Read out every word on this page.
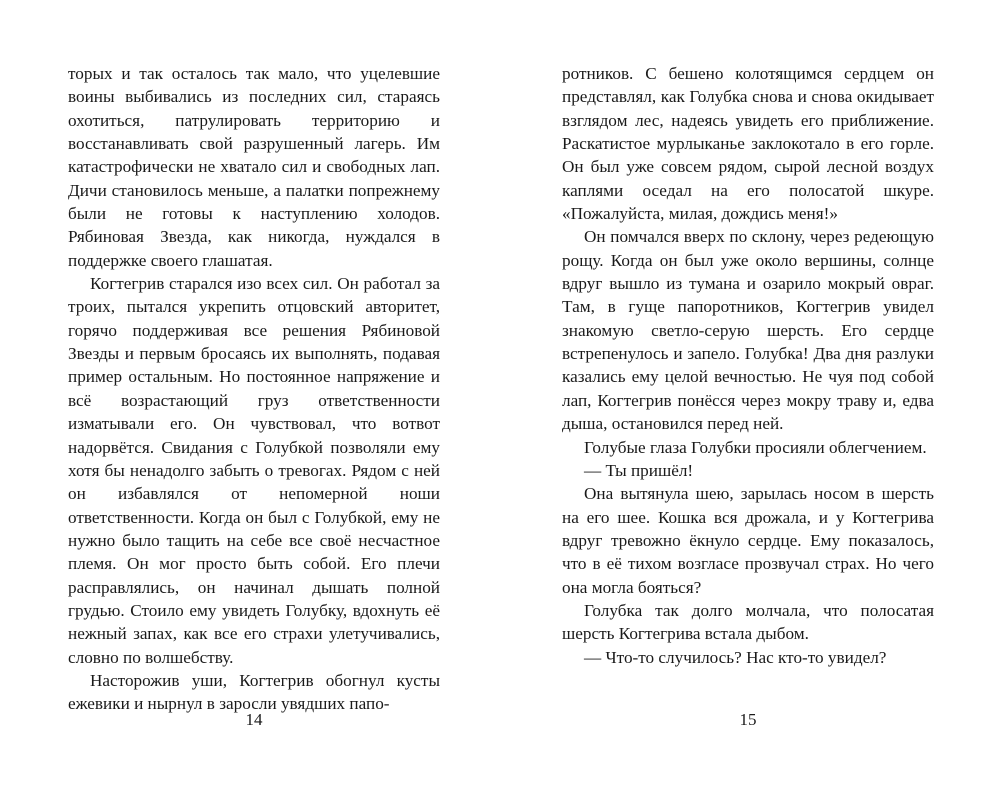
торых и так осталось так мало, что уцелевшие воины выбивались из последних сил, стараясь охотиться, патрулировать территорию и восстанавливать свой разрушенный лагерь. Им катастрофически не хватало сил и свободных лап. Дичи становилось меньше, а палатки попрежнему были не готовы к наступлению холодов. Рябиновая Звезда, как никогда, нуждался в поддержке своего глашатая.

Когтегрив старался изо всех сил. Он работал за троих, пытался укрепить отцовский авторитет, горячо поддерживая все решения Рябиновой Звезды и первым бросаясь их выполнять, подавая пример остальным. Но постоянное напряжение и всё возрастающий груз ответственности изматывали его. Он чувствовал, что вотвот надорвётся. Свидания с Голубкой позволяли ему хотя бы ненадолго забыть о тревогах. Рядом с ней он избавлялся от непомерной ноши ответственности. Когда он был с Голубкой, ему не нужно было тащить на себе все своё несчастное племя. Он мог просто быть собой. Его плечи расправлялись, он начинал дышать полной грудью. Стоило ему увидеть Голубку, вдохнуть её нежный запах, как все его страхи улетучивались, словно по волшебству.

Насторожив уши, Когтегрив обогнул кусты ежевики и нырнул в заросли увядших папо-

14

ротников. С бешено колотящимся сердцем он представлял, как Голубка снова и снова окидывает взглядом лес, надеясь увидеть его приближение. Раскатистое мурлыканье заклокотало в его горле. Он был уже совсем рядом, сырой лесной воздух каплями оседал на его полосатой шкуре. «Пожалуйста, милая, дождись меня!»

Он помчался вверх по склону, через редеющую рощу. Когда он был уже около вершины, солнце вдруг вышло из тумана и озарило мокрый овраг. Там, в гуще папоротников, Когтегрив увидел знакомую светло-серую шерсть. Его сердце встрепенулось и запело. Голубка! Два дня разлуки казались ему целой вечностью. Не чуя под собой лап, Когтегрив понёсся через мокру траву и, едва дыша, остановился перед ней.

Голубые глаза Голубки просияли облегчением.

— Ты пришёл!

Она вытянула шею, зарылась носом в шерсть на его шее. Кошка вся дрожала, и у Когтегрива вдруг тревожно ёкнуло сердце. Ему показалось, что в её тихом возгласе прозвучал страх. Но чего она могла бояться?

Голубка так долго молчала, что полосатая шерсть Когтегрива встала дыбом.

— Что-то случилось? Нас кто-то увидел?

15
